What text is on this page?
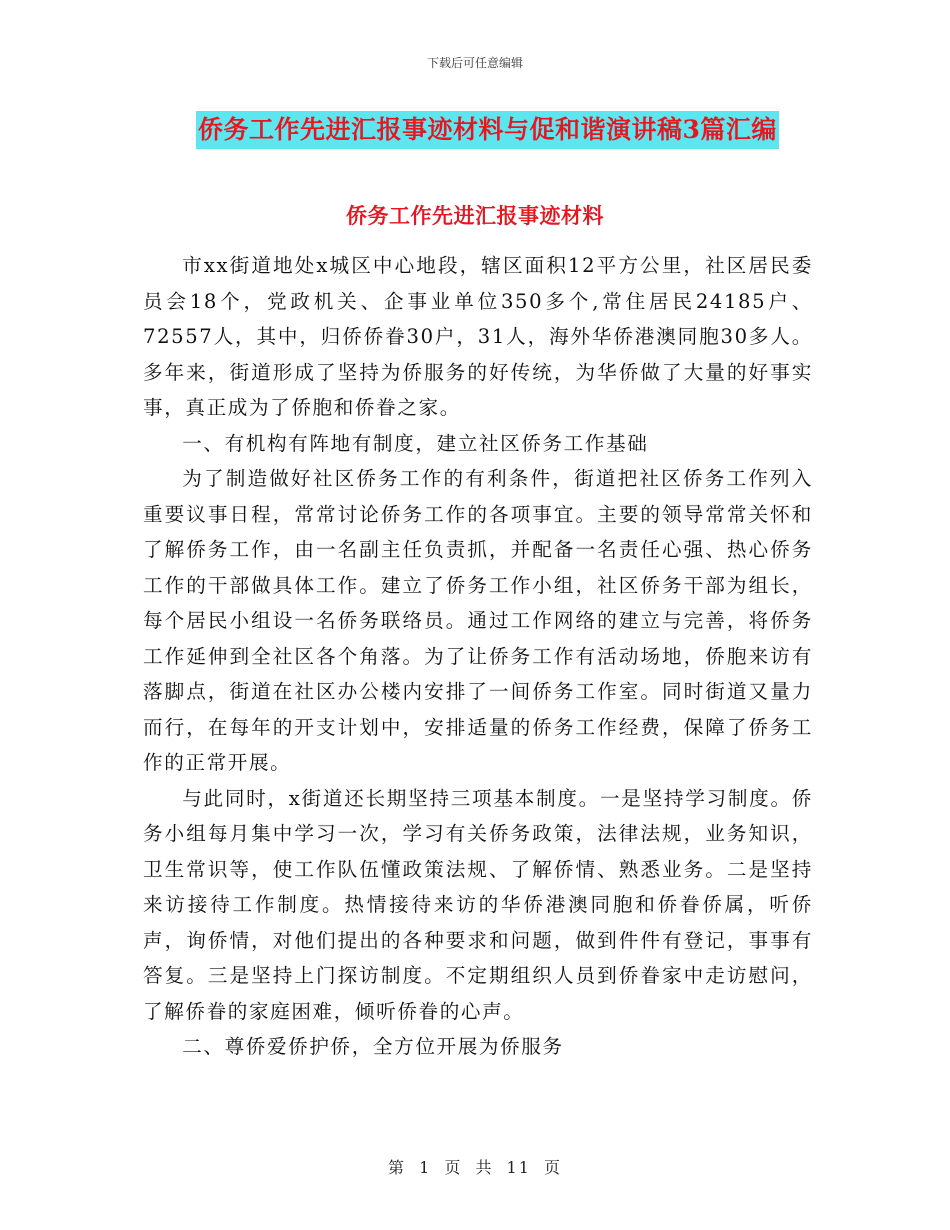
下载后可任意编辑
侨务工作先进汇报事迹材料与促和谐演讲稿3篇汇编
侨务工作先进汇报事迹材料

市xx街道地处x城区中心地段，辖区面积12平方公里，社区居民委员会18个，党政机关、企事业单位350多个,常住居民24185户、72557人，其中，归侨侨眷30户，31人，海外华侨港澳同胞30多人。多年来，街道形成了坚持为侨服务的好传统，为华侨做了大量的好事实事，真正成为了侨胞和侨眷之家。

一、有机构有阵地有制度，建立社区侨务工作基础

为了制造做好社区侨务工作的有利条件，街道把社区侨务工作列入重要议事日程，常常讨论侨务工作的各项事宜。主要的领导常常关怀和了解侨务工作，由一名副主任负责抓，并配备一名责任心强、热心侨务工作的干部做具体工作。建立了侨务工作小组，社区侨务干部为组长，每个居民小组设一名侨务联络员。通过工作网络的建立与完善，将侨务工作延伸到全社区各个角落。为了让侨务工作有活动场地，侨胞来访有落脚点，街道在社区办公楼内安排了一间侨务工作室。同时街道又量力而行，在每年的开支计划中，安排适量的侨务工作经费，保障了侨务工作的正常开展。

与此同时，x街道还长期坚持三项基本制度。一是坚持学习制度。侨务小组每月集中学习一次，学习有关侨务政策，法律法规，业务知识，卫生常识等，使工作队伍懂政策法规、了解侨情、熟悉业务。二是坚持来访接待工作制度。热情接待来访的华侨港澳同胞和侨眷侨属，听侨声，询侨情，对他们提出的各种要求和问题，做到件件有登记，事事有答复。三是坚持上门探访制度。不定期组织人员到侨眷家中走访慰问，了解侨眷的家庭困难，倾听侨眷的心声。

二、尊侨爱侨护侨，全方位开展为侨服务

第 1 页 共 11 页
